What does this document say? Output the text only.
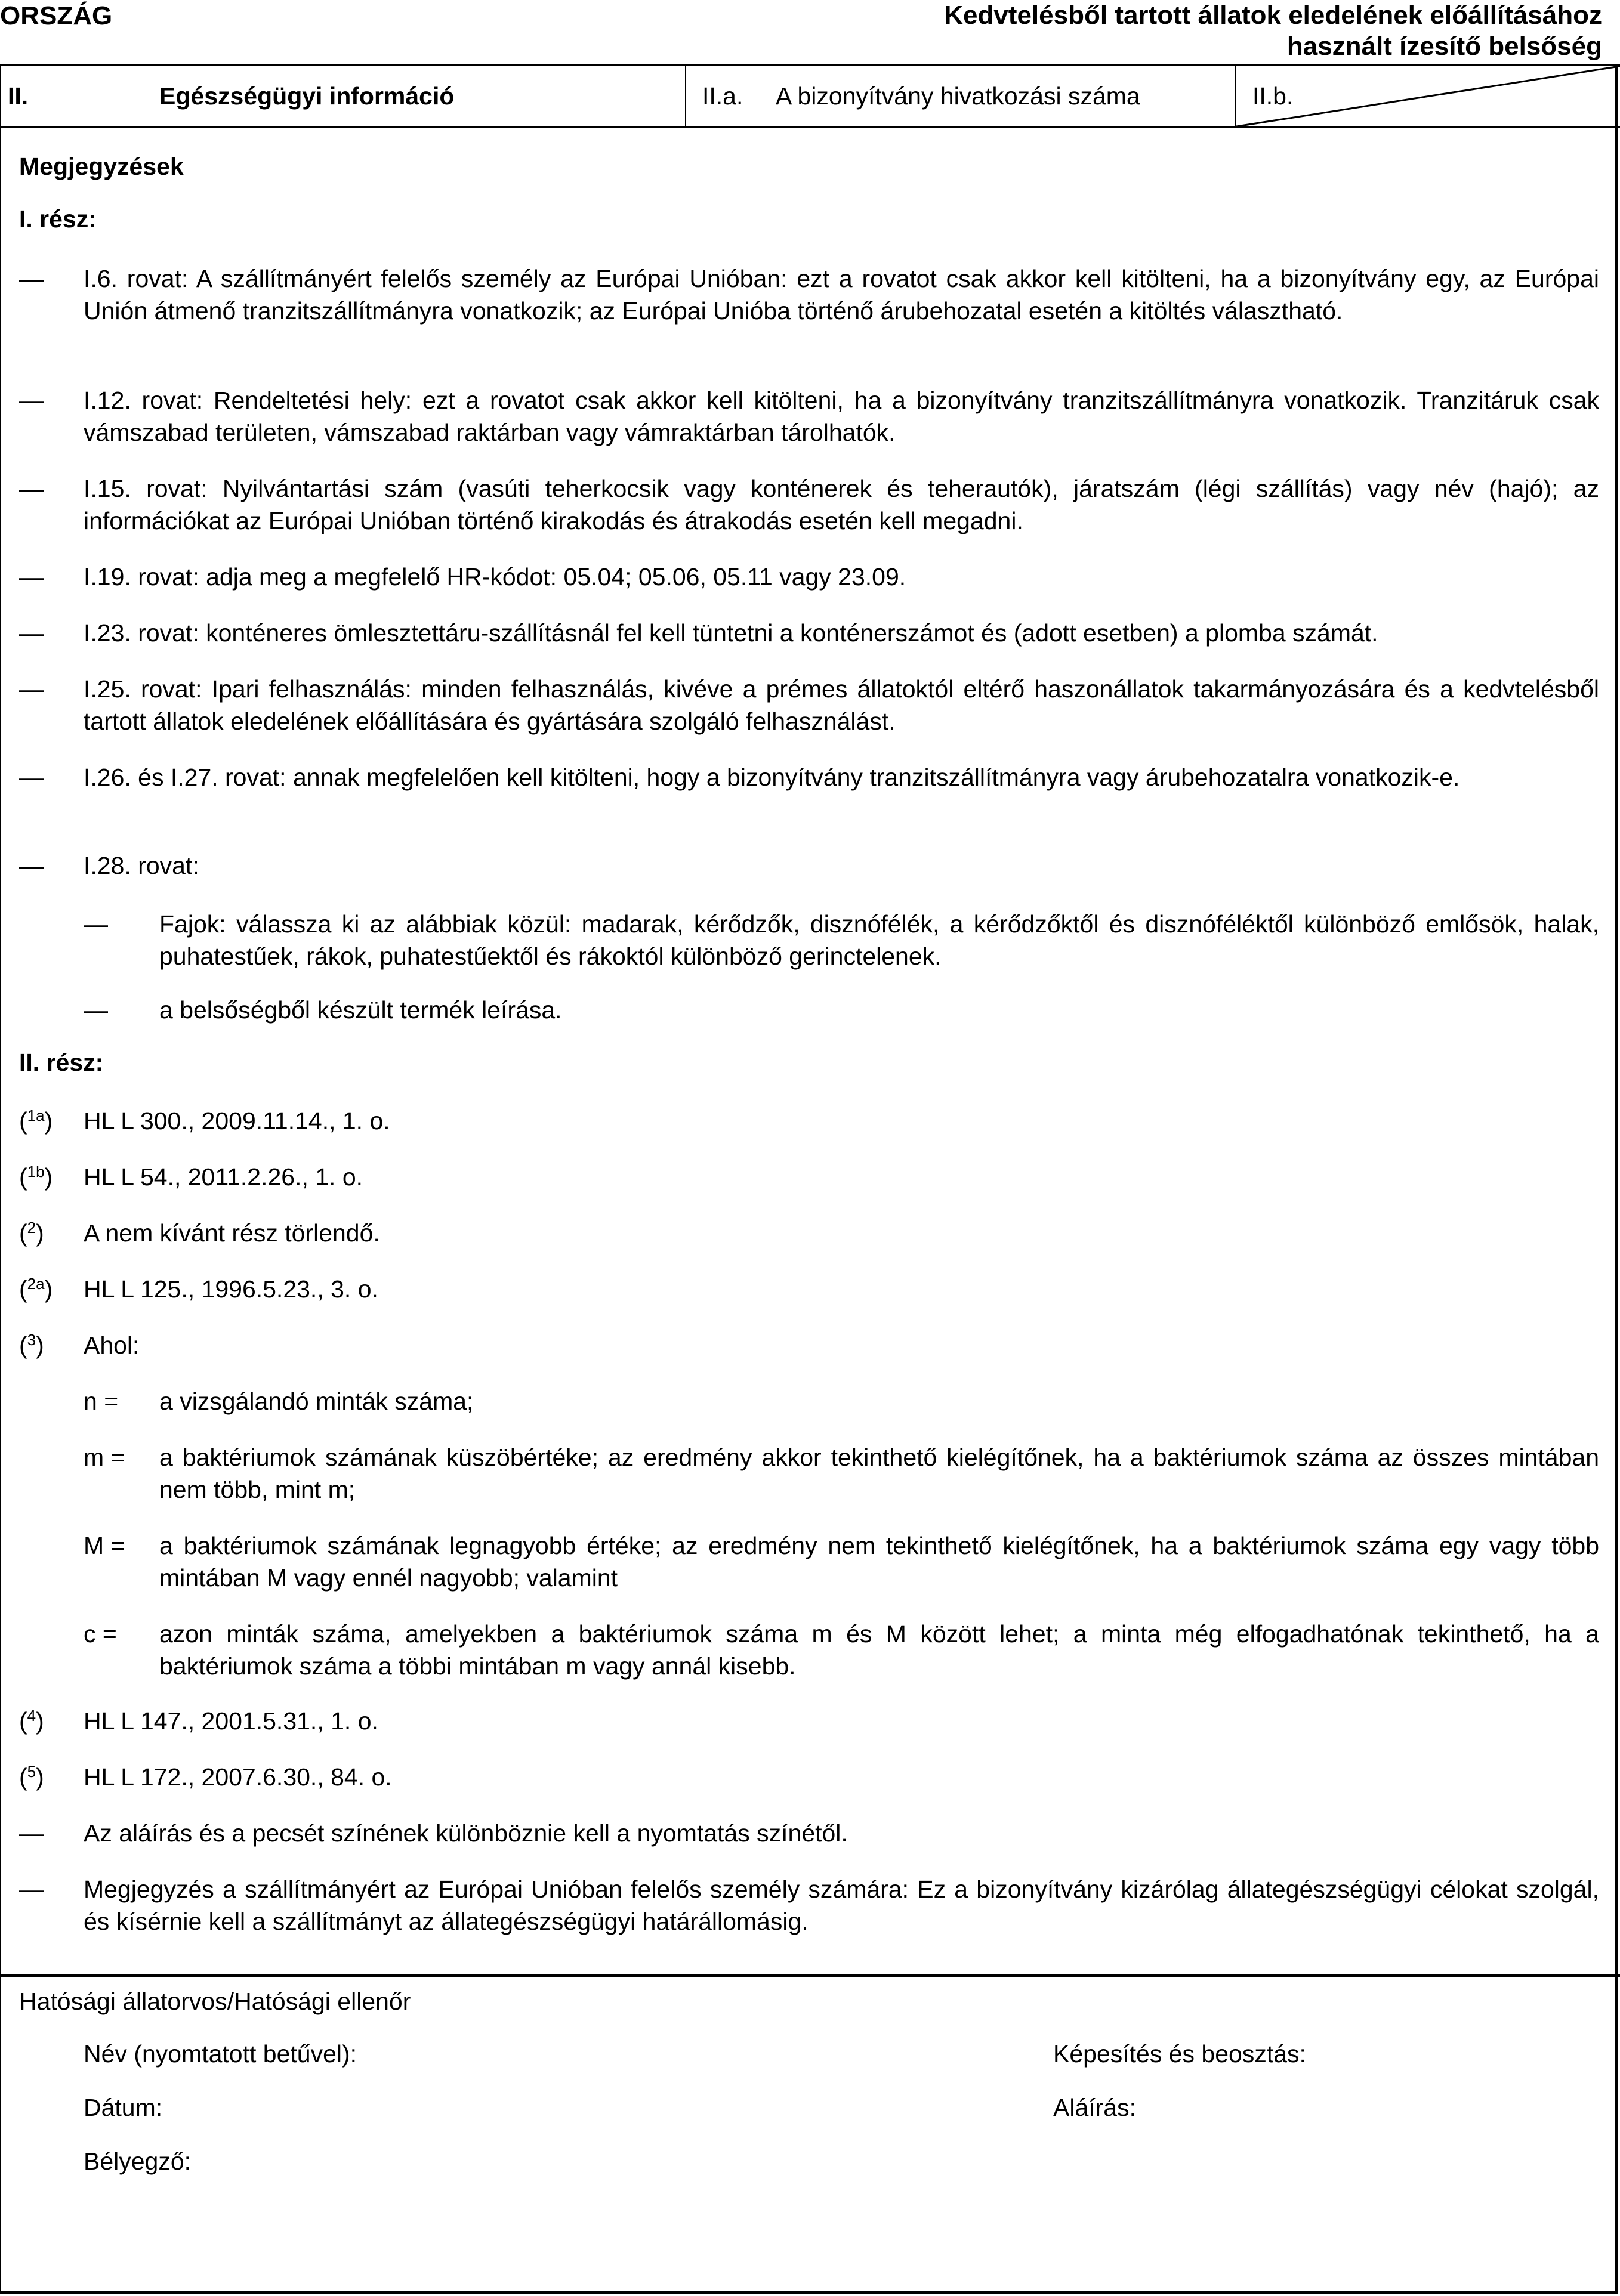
ORSZÁG	Kedvtelésből tartott állatok eledelének előállításához
használt ízesítő belsőség
II.	Egészségügyi információ	II.a. A bizonyítvány hivatkozási száma	II.b.
Megjegyzések
I. rész:
— I.6. rovat: A szállítmányért felelős személy az Európai Unióban: ezt a rovatot csak akkor kell kitölteni, ha a bizonyítvány egy, az Európai Unión átmenő tranzitszállítmányra vonatkozik; az Európai Unióba történő árubehozatal esetén a kitöltés választható.
— I.12. rovat: Rendeltetési hely: ezt a rovatot csak akkor kell kitölteni, ha a bizonyítvány tranzitszállítmányra vonatkozik. Tranzitáruk csak vámszabad területen, vámszabad raktárban vagy vámraktárban tárolhatók.
— I.15. rovat: Nyilvántartási szám (vasúti teherkocsik vagy konténerek és teherautók), járatszám (légi szállítás) vagy név (hajó); az információkat az Európai Unióban történő kirakodás és átrakodás esetén kell megadni.
— I.19. rovat: adja meg a megfelelő HR-kódot: 05.04; 05.06, 05.11 vagy 23.09.
— I.23. rovat: konténeres ömlesztettáru-szállításnál fel kell tüntetni a konténerszámot és (adott esetben) a plomba számát.
— I.25. rovat: Ipari felhasználás: minden felhasználás, kivéve a prémes állatoktól eltérő haszonállatok takarmányozására és a kedvtelésből tartott állatok eledelének előállítására és gyártására szolgáló felhasználást.
— I.26. és I.27. rovat: annak megfelelően kell kitölteni, hogy a bizonyítvány tranzitszállítmányra vagy árubehozatalra vonatkozik-e.
— I.28. rovat:
— Fajok: válassza ki az alábbiak közül: madarak, kérődzők, disznófélék, a kérődzőktől és disznóféléktől különböző emlősök, halak, puhatestűek, rákok, puhatestűektől és rákoktól különböző gerinctelenek.
— a belsőségből készült termék leírása.
II. rész:
($^{1a}$) HL L 300., 2009.11.14., 1. o.
($^{1b}$) HL L 54., 2011.2.26., 1. o.
($^2$) A nem kívánt rész törlendő.
($^{2a}$) HL L 125., 1996.5.23., 3. o.
($^3$) Ahol:
n = a vizsgálandó minták száma;
m = a baktériumok számának küszöbértéke; az eredmény akkor tekinthető kielégítőnek, ha a baktériumok száma az összes mintában nem több, mint m;
M = a baktériumok számának legnagyobb értéke; az eredmény nem tekinthető kielégítőnek, ha a baktériumok száma egy vagy több mintában M vagy ennél nagyobb; valamint
c = azon minták száma, amelyekben a baktériumok száma m és M között lehet; a minta még elfogadhatónak tekinthető, ha a baktériumok száma a többi mintában m vagy annál kisebb.
($^4$) HL L 147., 2001.5.31., 1. o.
($^5$) HL L 172., 2007.6.30., 84. o.
— Az aláírás és a pecsét színének különböznie kell a nyomtatás színétől.
— Megjegyzés a szállítmányért az Európai Unióban felelős személy számára: Ez a bizonyítvány kizárólag állategészségügyi célokat szolgál, és kísérnie kell a szállítmányt az állategészségügyi határállomásig.
Hatósági állatorvos/Hatósági ellenőr
Név (nyomtatott betűvel):	Képesítés és beosztás:
Dátum:	Aláírás:
Bélyegző:
